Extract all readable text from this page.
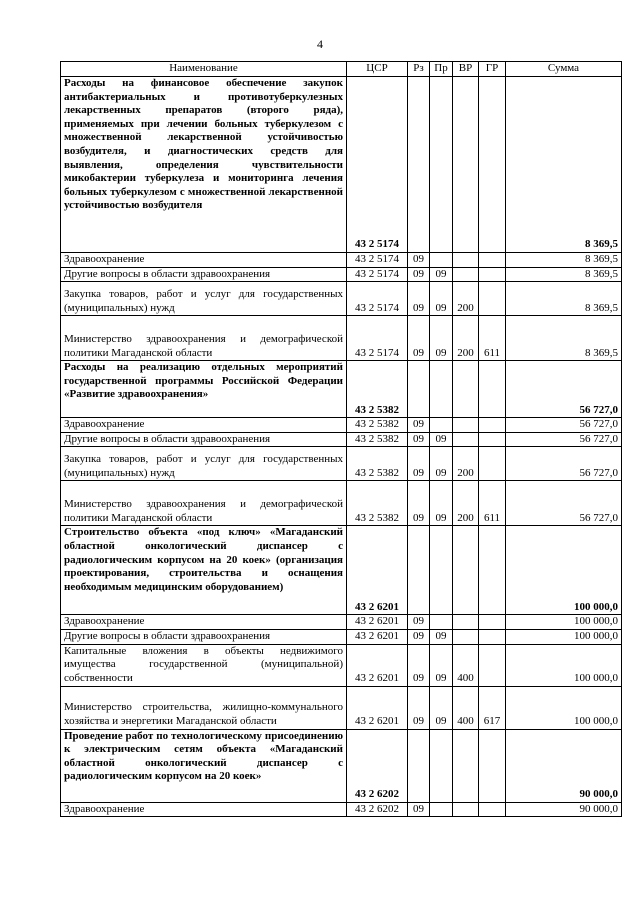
4
Наименование	ЦСР	Рз	Пр	ВР	ГР	Сумма
Расходы на финансовое обеспечение закупок антибактериальных и противотуберкулезных лекарственных препаратов (второго ряда), применяемых при лечении больных туберкулезом с множественной лекарственной устойчивостью возбудителя, и диагностических средств для выявления, определения чувствительности микобактерии туберкулеза и мониторинга лечения больных туберкулезом с множественной лекарственной устойчивостью возбудителя	43 2 5174					8 369,5
Здравоохранение	43 2 5174	09				8 369,5
Другие вопросы в области здравоохранения	43 2 5174	09	09			8 369,5
Закупка товаров, работ и услуг для государственных (муниципальных) нужд	43 2 5174	09	09	200		8 369,5
Министерство здравоохранения и демографической политики Магаданской области	43 2 5174	09	09	200	611	8 369,5
Расходы на реализацию отдельных мероприятий государственной программы Российской Федерации «Развитие здравоохранения»	43 2 5382					56 727,0
Здравоохранение	43 2 5382	09				56 727,0
Другие вопросы в области здравоохранения	43 2 5382	09	09			56 727,0
Закупка товаров, работ и услуг для государственных (муниципальных) нужд	43 2 5382	09	09	200		56 727,0
Министерство здравоохранения и демографической политики Магаданской области	43 2 5382	09	09	200	611	56 727,0
Строительство объекта «под ключ» «Магаданский областной онкологический диспансер с радиологическим корпусом на 20 коек» (организация проектирования, строительства и оснащения необходимым медицинским оборудованием)	43 2 6201					100 000,0
Здравоохранение	43 2 6201	09				100 000,0
Другие вопросы в области здравоохранения	43 2 6201	09	09			100 000,0
Капитальные вложения в объекты недвижимого имущества государственной (муниципальной) собственности	43 2 6201	09	09	400		100 000,0
Министерство строительства, жилищно-коммунального хозяйства и энергетики Магаданской области	43 2 6201	09	09	400	617	100 000,0
Проведение работ по технологическому присоединению к электрическим сетям объекта «Магаданский областной онкологический диспансер с радиологическим корпусом на 20 коек»	43 2 6202					90 000,0
Здравоохранение	43 2 6202	09				90 000,0
